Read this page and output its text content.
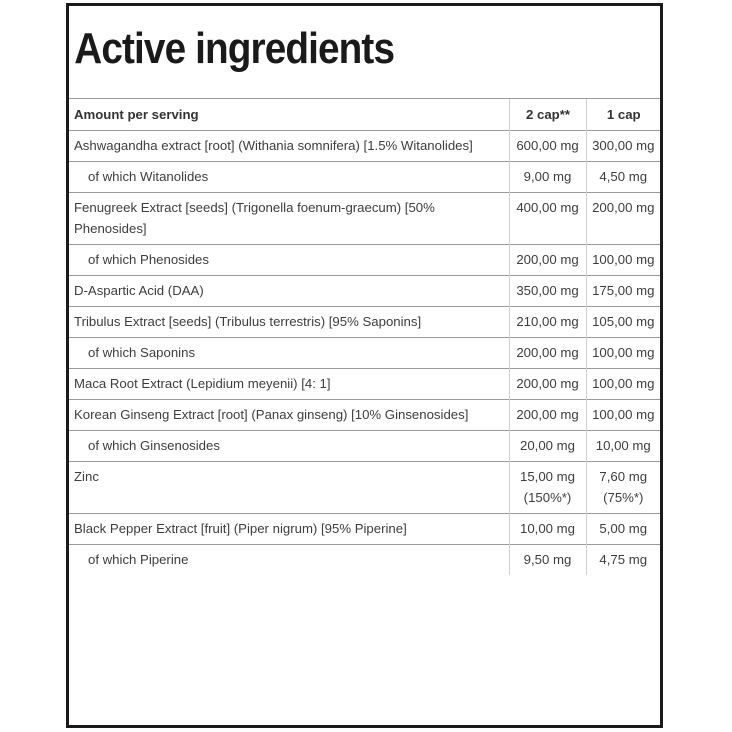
Active ingredients
Amount per serving	2 cap**	1 cap
Ashwagandha extract [root] (Withania somnifera) [1.5% Witanolides]	600,00 mg	300,00 mg
of which Witanolides	9,00 mg	4,50 mg
Fenugreek Extract [seeds] (Trigonella foenum-graecum) [50% Phenosides]	400,00 mg	200,00 mg
of which Phenosides	200,00 mg	100,00 mg
D-Aspartic Acid (DAA)	350,00 mg	175,00 mg
Tribulus Extract [seeds] (Tribulus terrestris) [95% Saponins]	210,00 mg	105,00 mg
of which Saponins	200,00 mg	100,00 mg
Maca Root Extract (Lepidium meyenii) [4: 1]	200,00 mg	100,00 mg
Korean Ginseng Extract [root] (Panax ginseng) [10% Ginsenosides]	200,00 mg	100,00 mg
of which Ginsenosides	20,00 mg	10,00 mg
Zinc	15,00 mg (150%*)	7,60 mg (75%*)
Black Pepper Extract [fruit] (Piper nigrum) [95% Piperine]	10,00 mg	5,00 mg
of which Piperine	9,50 mg	4,75 mg
